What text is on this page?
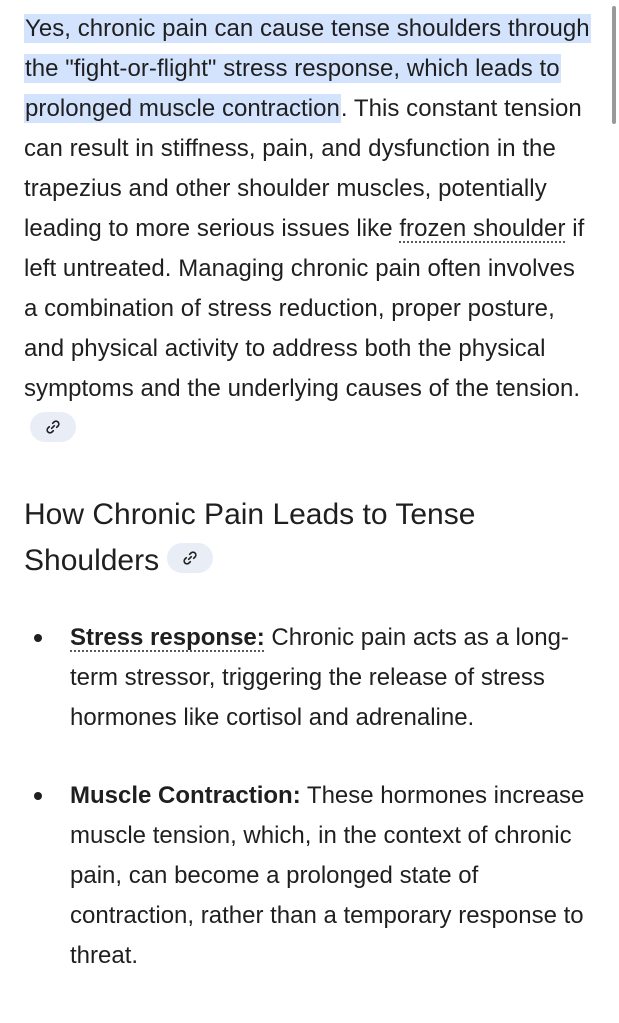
Yes, chronic pain can cause tense shoulders through the "fight-or-flight" stress response, which leads to prolonged muscle contraction. This constant tension can result in stiffness, pain, and dysfunction in the trapezius and other shoulder muscles, potentially leading to more serious issues like frozen shoulder if left untreated. Managing chronic pain often involves a combination of stress reduction, proper posture, and physical activity to address both the physical symptoms and the underlying causes of the tension.

How Chronic Pain Leads to Tense Shoulders
Stress response: Chronic pain acts as a long-term stressor, triggering the release of stress hormones like cortisol and adrenaline.
Muscle Contraction: These hormones increase muscle tension, which, in the context of chronic pain, can become a prolonged state of contraction, rather than a temporary response to threat.
